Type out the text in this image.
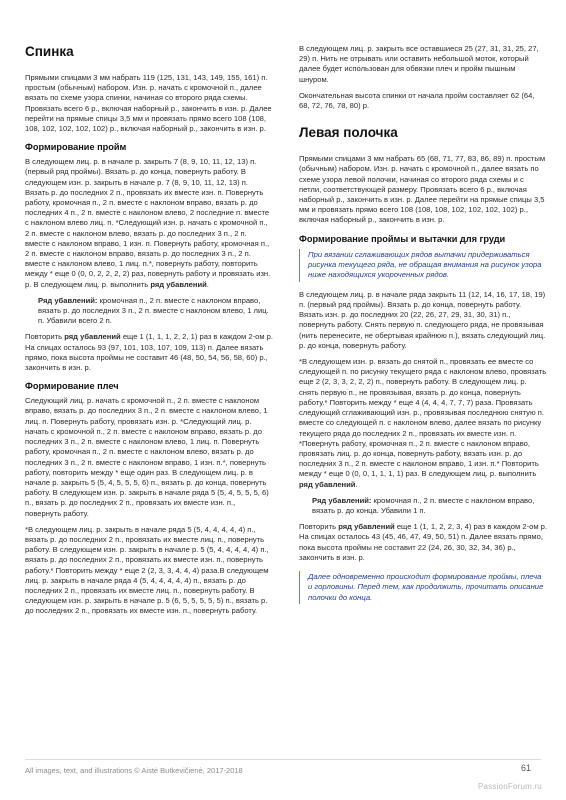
Спинка

Прямыми спицами 3 мм набрать 119 (125, 131, 143, 149, 155, 161) п. простым (обычным) набором. Изн. р. начать с кромочной п., далее вязать по схеме узора спинки, начиная со второго ряда схемы. Провязать всего 6 р., включая наборный р., закончить в изн. р. Далее перейти на прямые спицы 3,5 мм и провязать прямо всего 108 (108, 108, 102, 102, 102, 102) р., включая наборный р., закончить в изн. р.

Формирование пройм

В следующем лиц. р. в начале р. закрыть 7 (8, 9, 10, 11, 12, 13) п. (первый ряд проймы). Вязать р. до конца, повернуть работу. В следующем изн. р. закрыть в начале р. 7 (8, 9, 10, 11, 12, 13) п. Вязать р. до последних 2 п., провязать их вместе изн. п. Повернуть работу, кромочная п., 2 п. вместе с наклоном вправо, вязать р. до последних 4 п., 2 п. вместе с наклоном влево, 2 последние п. вместе с наклоном влево лиц. п. *Следующий изн. р. начать с кромочной п., 2 п. вместе с наклоном влево, вязать р. до последних 3 п., 2 п. вместе с наклоном вправо, 1 изн. п. Повернуть работу, кромочная п., 2 п. вместе с наклоном вправо, вязать р. до последних 3 п., 2 п. вместе с наклоном влево, 1 лиц. п.*, повернуть работу, повторить между * еще 0 (0, 0, 2, 2, 2, 2) раз, повернуть работу и провязать изн. р. В следующем лиц. р. выполнить ряд убавлений.

Ряд убавлений: кромочная п., 2 п. вместе с наклоном вправо, вязать р. до последних 3 п., 2 п. вместе с наклоном влево, 1 лиц. п. Убавили всего 2 п.

Повторить ряд убавлений еще 1 (1, 1, 1, 2, 2, 1) раз в каждом 2-ом р. На спицах осталось 93 (97, 101, 103, 107, 109, 113) п. Далее вязать прямо, пока высота проймы не составит 46 (48, 50, 54, 56, 58, 60) р., закончить в изн. р.

Формирование плеч

Следующий лиц. р. начать с кромочной п., 2 п. вместе с наклоном вправо, вязать р. до последних 3 п., 2 п. вместе с наклоном влево, 1 лиц. п. Повернуть работу, провязать изн. р. *Следующий лиц. р. начать с кромочной п., 2 п. вместе с наклоном вправо, вязать р. до последних 3 п., 2 п. вместе с наклоном влево, 1 лиц. п. Повернуть работу, кромочная п., 2 п. вместе с наклоном влево, вязать р. до последних 3 п., 2 п. вместе с наклоном вправо, 1 изн. п.*, повернуть работу, повторить между * еще один раз. В следующем лиц. р. в начале р. закрыть 5 (5, 4, 5, 5, 5, 6) п., вязать р. до конца, повернуть работу. В следующем изн. р. закрыть в начале ряда 5 (5, 4, 5, 5, 5, 6) п., вязать р. до последних 2 п., провязать их вместе изн. п., повернуть работу.

*В следующем лиц. р. закрыть в начале ряда 5 (5, 4, 4, 4, 4, 4) п., вязать р. до последних 2 п., провязать их вместе лиц. п., повернуть работу. В следующем изн. р. закрыть в начале р. 5 (5, 4, 4, 4, 4, 4) п., вязать р. до последних 2 п., провязать их вместе изн. п., повернуть работу.* Повторить между * еще 2 (2, 3, 3, 4, 4, 4) раза.В следующем лиц. р. закрыть в начале ряда 4 (5, 4, 4, 4, 4, 4) п., вязать р. до последних 2 п., провязать их вместе лиц. п., повернуть работу. В следующем изн. р. закрыть в начале р. 5 (6, 5, 5, 5, 5, 5) п., вязать р. до последних 2 п., провязать их вместе изн. п., повернуть работу.

В следующем лиц. р. закрыть все оставшиеся 25 (27, 31, 31, 25, 27, 29) п. Нить не отрывать или оставить небольшой моток, который далее будет использован для обвязки плеч и пройм пышным шнуром.

Окончательная высота спинки от начала пройм составляет 62 (64, 68, 72, 76, 78, 80) р.

Левая полочка

Прямыми спицами 3 мм набрать 65 (68, 71, 77, 83, 86, 89) п. простым (обычным) набором. Изн. р. начать с кромочной п., далее вязать по схеме узора левой полочки, начиная со второго ряда схемы и с петли, соответствующей размеру. Провязать всего 6 р., включая наборный р., закончить в изн. р. Далее перейти на прямые спицы 3,5 мм и провязать прямо всего 108 (108, 108, 102, 102, 102, 102) р., включая наборный р., закончить в изн. р.

Формирование проймы и вытачки для груди
При вязании сглаживающих рядов вытачки придерживаться рисунка текущего ряда, не обращая внимания на рисунок узора ниже находящихся укороченных рядов.

В следующем лиц. р. в начале ряда закрыть 11 (12, 14, 16, 17, 18, 19) п. (первый ряд проймы). Вязать р. до конца, повернуть работу. Вязать изн. р. до последних 20 (22, 26, 27, 29, 31, 30, 31) п., повернуть работу. Снять первую п. следующего ряда, не провязывая (нить перенесите, не обертывая крайнюю п.), вязать следующий лиц. р. до конца, повернуть работу.

*В следующем изн. р. вязать до снятой п., провязать ее вместе со следующей п. по рисунку текущего ряда с наклоном влево, провязать еще 2 (2, 3, 3, 2, 2, 2) п., повернуть работу. В следующем лиц. р. снять первую п., не провязывая, вязать р. до конца, повернуть работу.* Повторить между * еще 4 (4, 4, 4, 7, 7, 7) раза. Провязать следующий сглаживающий изн. р., провязывая последнюю снятую п. вместе со следующей п. с наклоном влево, далее вязать по рисунку текущего ряда до последних 2 п., провязать их вместе изн. п. *Повернуть работу, кромочная п., 2 п. вместе с наклоном вправо, провязать лиц. р. до конца, повернуть работу, вязать изн. р. до последних 3 п., 2 п. вместе с наклоном вправо, 1 изн. п.* Повторить между * еще 0 (0, 0, 1, 1, 1, 1) раз. В следующем лиц. р. выполнить ряд убавлений.

Ряд убавлений: кромочная п., 2 п. вместе с наклоном вправо, вязать р. до конца. Убавили 1 п.

Повторить ряд убавлений еще 1 (1, 1, 2, 2, 3, 4) раз в каждом 2-ом р. На спицах осталось 43 (45, 46, 47, 49, 50, 51) п. Далее вязать прямо, пока высота проймы не составит 22 (24, 26, 30, 32, 34, 36) р., закончить в изн. р.

Далее одновременно происходит формирование проймы, плеча и горловины. Перед тем, как продолжить, прочитать описание полочки до конца.
All images, text, and illustrations © Aistė Butkevičienė, 2017-2018	61
PassionForum.ru
